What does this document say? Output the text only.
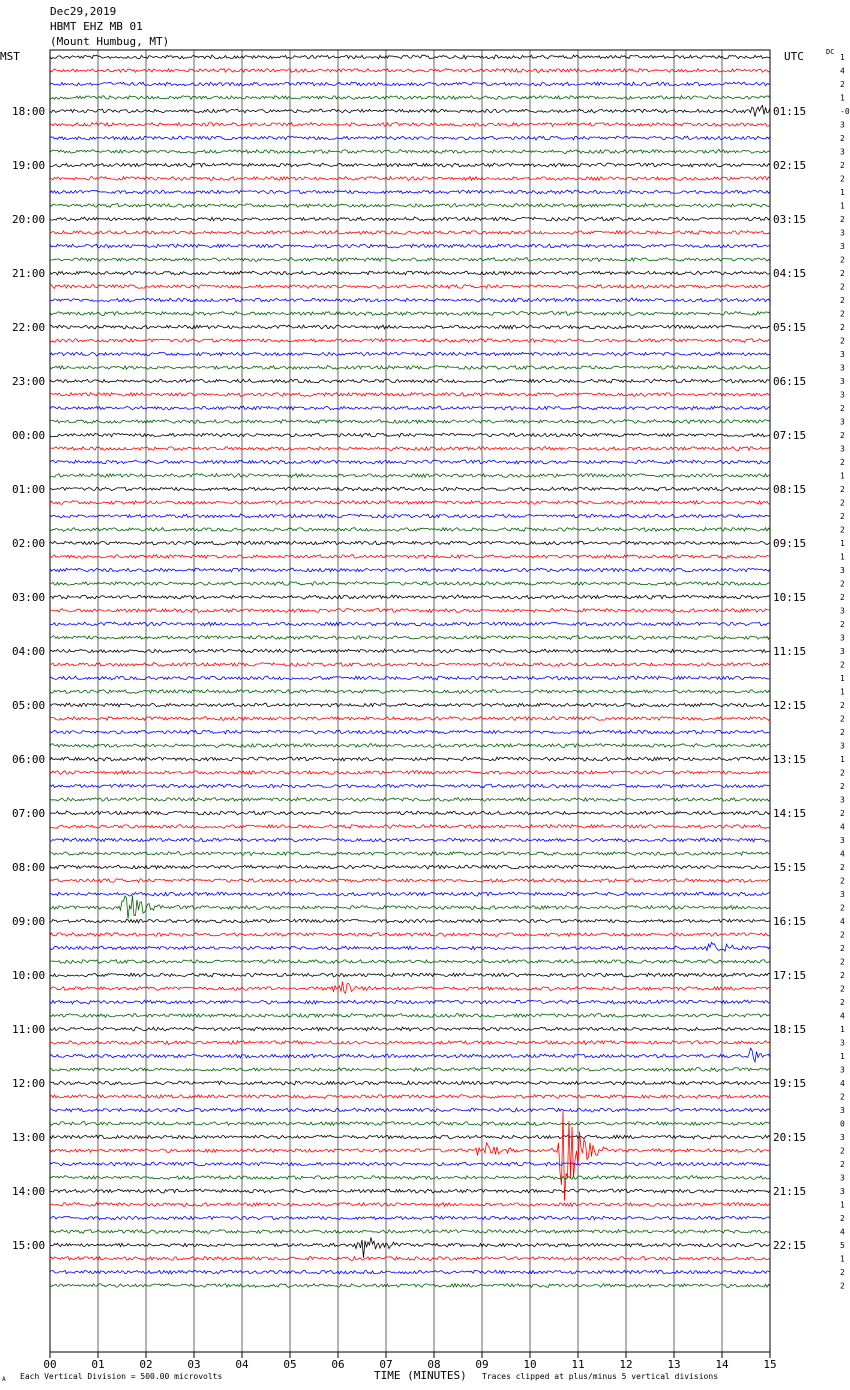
Dec29,2019
HBMT EHZ MB 01
(Mount Humbug, MT)
MST	UTC	DC
00	01	02	03	04	05	06	07	08	09	10	11	12	13	14	15
1
4
2
1
-0
18:00	01:15
3
2
3
2
19:00	02:15
2
1
1
2
20:00	03:15
3
3
2
2
21:00	04:15
2
2
2
2
22:00	05:15
2
3
3
3
23:00	06:15
3
2
3
2
00:00	07:15
3
2
1
2
01:00	08:15
2
2
2
1
02:00	09:15
1
3
2
2
03:00	10:15
3
2
3
3
04:00	11:15
2
1
1
2
05:00	12:15
2
2
3
1
06:00	13:15
2
2
3
2
07:00	14:15
4
3
4
2
08:00	15:15
2
3
2
4
09:00	16:15
2
2
2
2
10:00	17:15
2
2
4
1
11:00	18:15
3
1
3
4
12:00	19:15
2
3
0
3
13:00	20:15
2
2
3
3
14:00	21:15
1
2
4
5
15:00	22:15
1
2
2
A Each Vertical Division = 500.00 microvolts	TIME (MINUTES) Traces clipped at plus/minus 5 vertical divisions
